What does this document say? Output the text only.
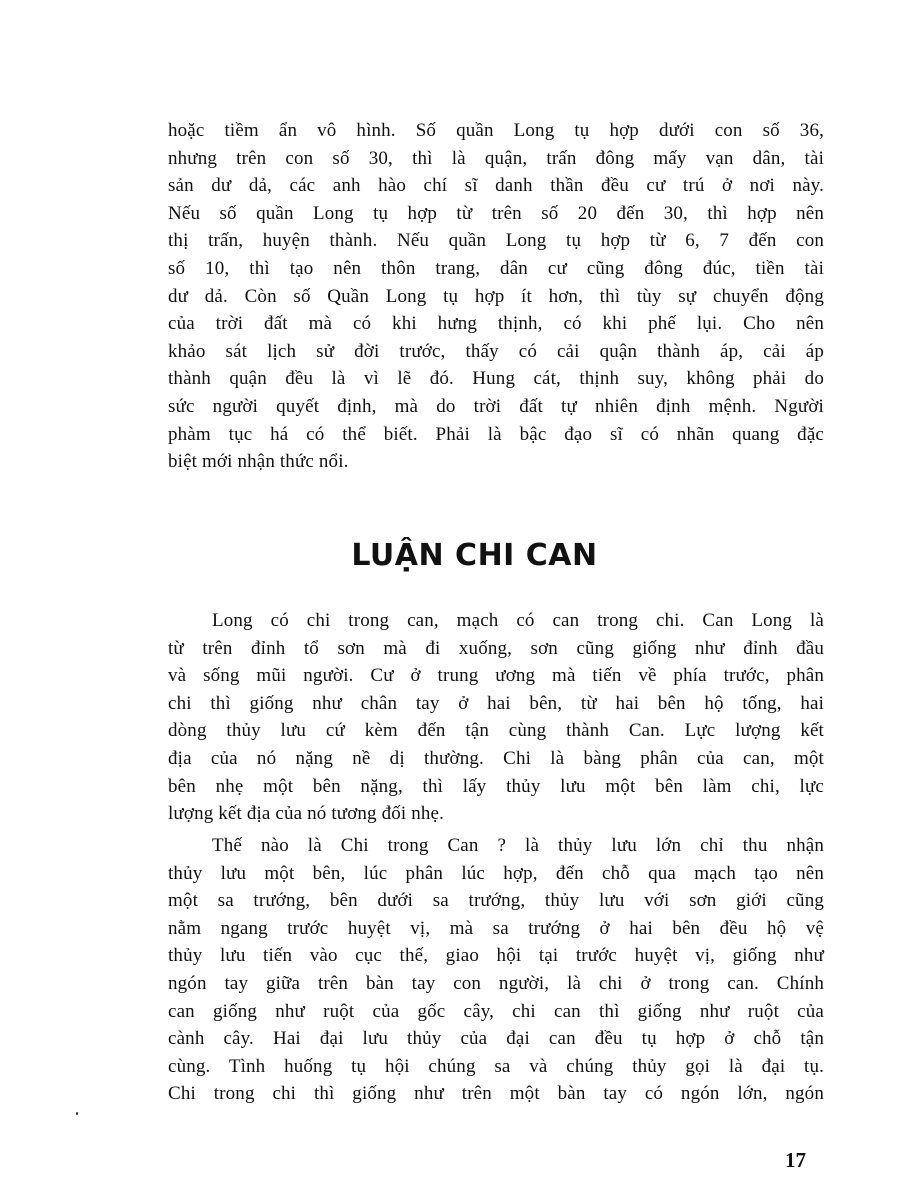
hoặc tiềm ẩn vô hình. Số quần Long tụ hợp dưới con số 36,
nhưng trên con số 30, thì là quận, trấn đông mấy vạn dân, tài
sản dư dả, các anh hào chí sĩ danh thần đều cư trú ở nơi này.
Nếu số quần Long tụ hợp từ trên số 20 đến 30, thì hợp nên
thị trấn, huyện thành. Nếu quần Long tụ hợp từ 6, 7 đến con
số 10, thì tạo nên thôn trang, dân cư cũng đông đúc, tiền tài
dư dả. Còn số Quần Long tụ hợp ít hơn, thì tùy sự chuyển động
của trời đất mà có khi hưng thịnh, có khi phế lụi. Cho nên
khảo sát lịch sử đời trước, thấy có cải quận thành áp, cải áp
thành quận đều là vì lẽ đó. Hung cát, thịnh suy, không phải do
sức người quyết định, mà do trời đất tự nhiên định mệnh. Người
phàm tục há có thể biết. Phải là bậc đạo sĩ có nhãn quang đặc
biệt mới nhận thức nổi.
LUẬN CHI CAN
Long có chi trong can, mạch có can trong chi. Can Long là
từ trên đỉnh tổ sơn mà đi xuống, sơn cũng giống như đỉnh đầu
và sống mũi người. Cư ở trung ương mà tiến về phía trước, phân
chi thì giống như chân tay ở hai bên, từ hai bên hộ tống, hai
dòng thủy lưu cứ kèm đến tận cùng thành Can. Lực lượng kết
địa của nó nặng nề dị thường. Chi là bàng phân của can, một
bên nhẹ một bên nặng, thì lấy thủy lưu một bên làm chi, lực
lượng kết địa của nó tương đối nhẹ.
Thế nào là Chi trong Can ? là thủy lưu lớn chỉ thu nhận
thủy lưu một bên, lúc phân lúc hợp, đến chỗ qua mạch tạo nên
một sa trướng, bên dưới sa trướng, thủy lưu với sơn giới cũng
nằm ngang trước huyệt vị, mà sa trướng ở hai bên đều hộ vệ
thủy lưu tiến vào cục thế, giao hội tại trước huyệt vị, giống như
ngón tay giữa trên bàn tay con người, là chi ở trong can. Chính
can giống như ruột của gốc cây, chi can thì giống như ruột của
cành cây. Hai đại lưu thủy của đại can đều tụ hợp ở chỗ tận
cùng. Tình huống tụ hội chúng sa và chúng thủy gọi là đại tụ.
Chi trong chi thì giống như trên một bàn tay có ngón lớn, ngón
17
